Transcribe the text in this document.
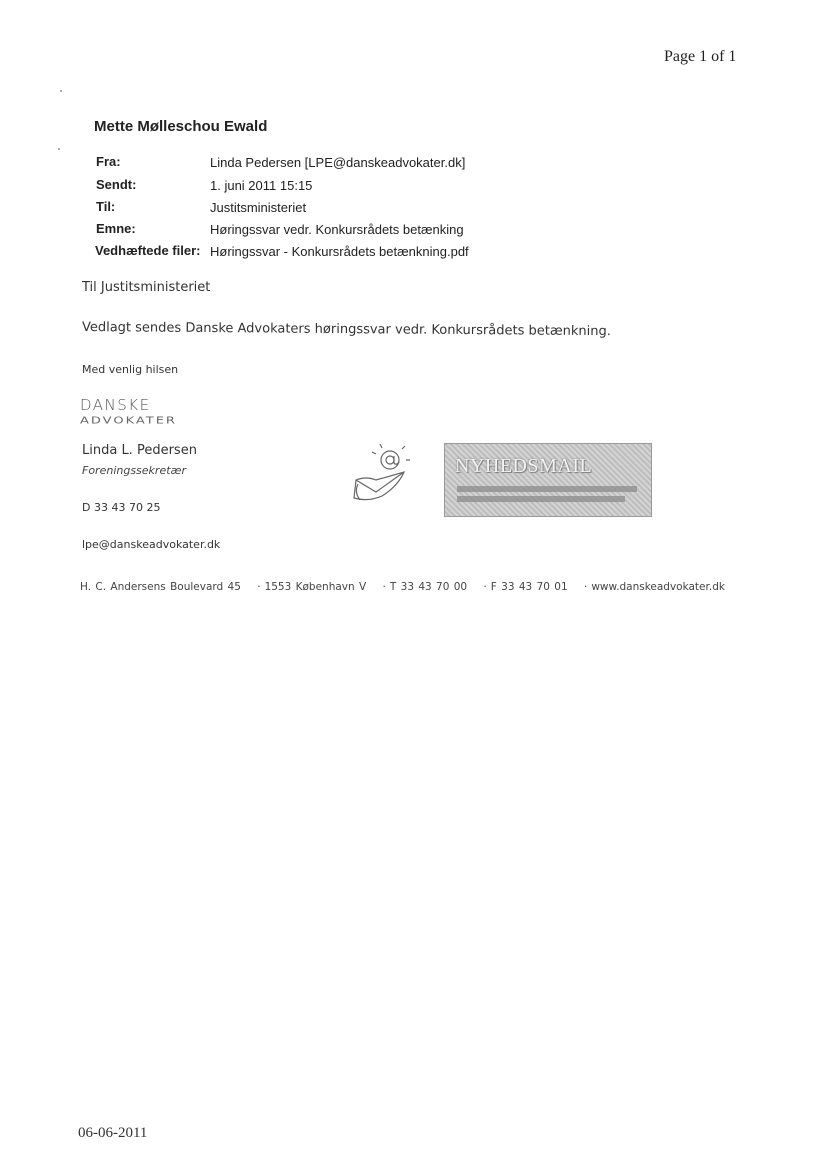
Page 1 of 1
Mette Mølleschou Ewald
Fra:	Linda Pedersen [LPE@danskeadvokater.dk]
Sendt:	1. juni 2011 15:15
Til:	Justitsministeriet
Emne:	Høringssvar vedr. Konkursrådets betænking
Vedhæftede filer: Høringssvar - Konkursrådets betænkning.pdf
Til Justitsministeriet
Vedlagt sendes Danske Advokaters høringssvar vedr. Konkursrådets betænkning.
Med venlig hilsen
DANSKE
ADVOKATER
Linda L. Pedersen
Foreningssekretær
D 33 43 70 25
lpe@danskeadvokater.dk
NYHEDSMAIL
H. C. Andersens Boulevard 45 · 1553 København V · T 33 43 70 00 · F 33 43 70 01 · www.danskeadvokater.dk
06-06-2011
